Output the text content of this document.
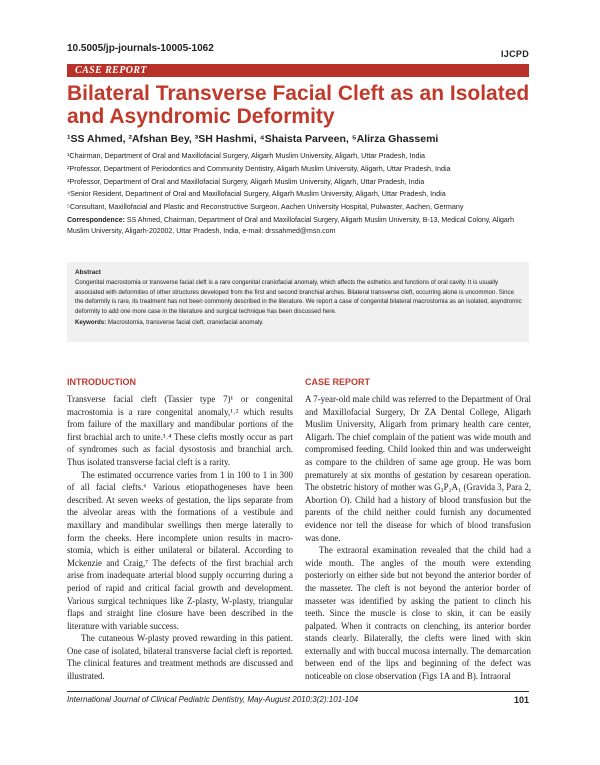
10.5005/jp-journals-10005-1062	IJCPD
CASE REPORT
Bilateral Transverse Facial Cleft as an Isolated and Asyndromic Deformity
¹SS Ahmed, ²Afshan Bey, ³SH Hashmi, ⁴Shaista Parveen, ⁵Alirza Ghassemi
¹Chairman, Department of Oral and Maxillofacial Surgery, Aligarh Muslim University, Aligarh, Uttar Pradesh, India
²Professor, Department of Periodontics and Community Dentistry, Aligarh Muslim University, Aligarh, Uttar Pradesh, India
³Professor, Department of Oral and Maxillofacial Surgery, Aligarh Muslim University, Aligarh, Uttar Pradesh, India
⁴Senior Resident, Department of Oral and Maxillofacial Surgery, Aligarh Muslim University, Aligarh, Uttar Pradesh, India
⁵Consultant, Maxillofacial and Plastic and Reconstructive Surgeon, Aachen University Hospital, Pulwaster, Aachen, Germany
Correspondence: SS Ahmed, Chairman, Department of Oral and Maxillofacial Surgery, Aligarh Muslim University, B-13, Medical Colony, Aligarh Muslim University, Aligarh-202002, Uttar Pradesh, India, e-mail: drssahmed@msn.com
Abstract
Congenital macrostomia or transverse facial cleft is a rare congenital craniofacial anomaly, which affects the esthetics and functions of oral cavity. It is usually associated with deformities of other structures developed from the first and second branchial arches. Bilateral transverse cleft, occurring alone is uncommon. Since the deformity is rare, its treatment has not been commonly described in the literature. We report a case of congenital bilateral macrostomia as an isolated, asyndromic deformity to add one more case in the literature and surgical technique has been discussed here.
Keywords: Macrostomia, transverse facial cleft, craniofacial anomaly.
INTRODUCTION	CASE REPORT

Transverse facial cleft (Tassier type 7)¹ or congenital macrostomia is a rare congenital anomaly,¹˒² which results from failure of the maxillary and mandibular portions of the first brachial arch to unite.³˒⁴ These clefts mostly occur as part of syndromes such as facial dysostosis and branchial arch. Thus isolated transverse facial cleft is a rarity.

The estimated occurrence varies from 1 in 100 to 1 in 300 of all facial clefts.⁶ Various etiopathogeneses have been described. At seven weeks of gestation, the lips separate from the alveolar areas with the formations of a vestibule and maxillary and mandibular swellings then merge laterally to form the cheeks. Here incomplete union results in macro-stomia, which is either unilateral or bilateral. According to Mckenzie and Craig,⁷ The defects of the first brachial arch arise from inadequate arterial blood supply occurring during a period of rapid and critical facial growth and development. Various surgical techniques like Z-plasty, W-plasty, triangular flaps and straight line closure have been described in the literature with variable success.

The cutaneous W-plasty proved rewarding in this patient. One case of isolated, bilateral transverse facial cleft is reported. The clinical features and treatment methods are discussed and illustrated.

A 7-year-old male child was referred to the Department of Oral and Maxillofacial Surgery, Dr ZA Dental College, Aligarh Muslim University, Aligarh from primary health care center, Aligarh. The chief complain of the patient was wide mouth and compromised feeding. Child looked thin and was underweight as compare to the children of same age group. He was born prematurely at six months of gestation by cesarean operation. The obstetric history of mother was G₃P₂A₁ (Gravida 3, Para 2, Abortion O). Child had a history of blood transfusion but the parents of the child neither could furnish any documented evidence nor tell the disease for which of blood transfusion was done.

The extraoral examination revealed that the child had a wide mouth. The angles of the mouth were extending posteriorly on either side but not beyond the anterior border of the masseter. The cleft is not beyond the anterior border of masseter was identified by asking the patient to clinch his teeth. Since the muscle is close to skin, it can be easily palpated. When it contracts on clenching, its anterior border stands clearly. Bilaterally, the clefts were lined with skin externally and with buccal mucosa internally. The demarcation between end of the lips and beginning of the defect was noticeable on close observation (Figs 1A and B). Intraoral

International Journal of Clinical Pediatric Dentistry, May-August 2010;3(2):101-104	101
